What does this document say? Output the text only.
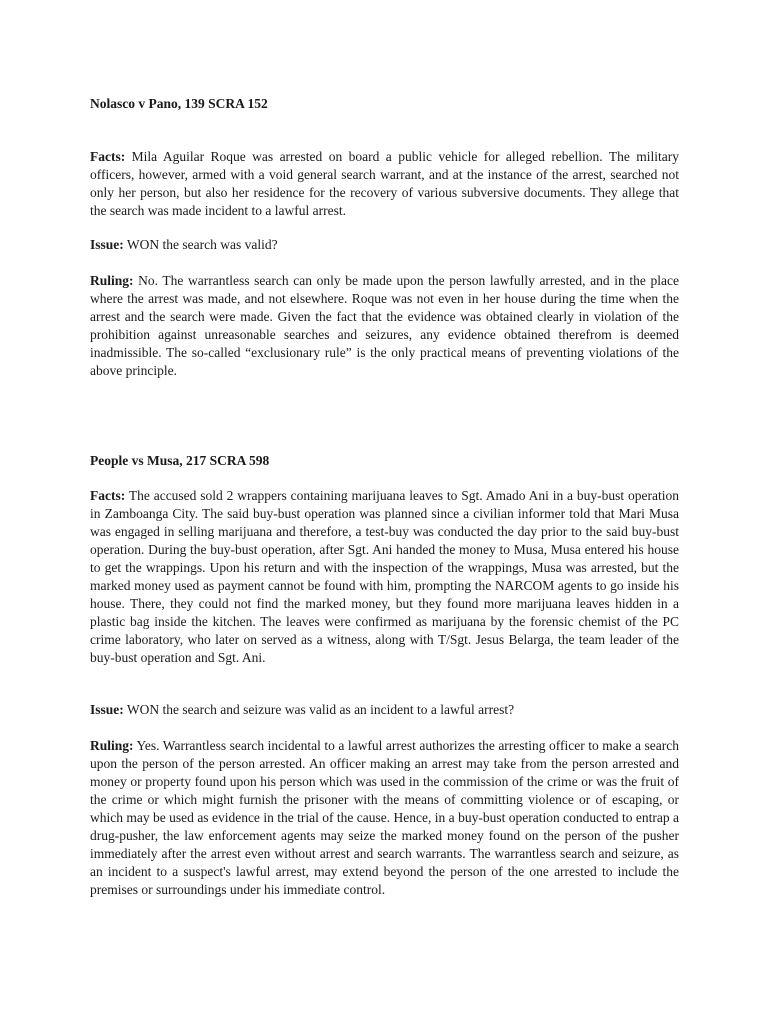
Nolasco v Pano, 139 SCRA 152

Facts: Mila Aguilar Roque was arrested on board a public vehicle for alleged rebellion. The military officers, however, armed with a void general search warrant, and at the instance of the arrest, searched not only her person, but also her residence for the recovery of various subversive documents. They allege that the search was made incident to a lawful arrest.

Issue: WON the search was valid?

Ruling: No. The warrantless search can only be made upon the person lawfully arrested, and in the place where the arrest was made, and not elsewhere. Roque was not even in her house during the time when the arrest and the search were made. Given the fact that the evidence was obtained clearly in violation of the prohibition against unreasonable searches and seizures, any evidence obtained therefrom is deemed inadmissible. The so-called “exclusionary rule” is the only practical means of preventing violations of the above principle.

People vs Musa, 217 SCRA 598

Facts: The accused sold 2 wrappers containing marijuana leaves to Sgt. Amado Ani in a buy-bust operation in Zamboanga City. The said buy-bust operation was planned since a civilian informer told that Mari Musa was engaged in selling marijuana and therefore, a test-buy was conducted the day prior to the said buy-bust operation. During the buy-bust operation, after Sgt. Ani handed the money to Musa, Musa entered his house to get the wrappings. Upon his return and with the inspection of the wrappings, Musa was arrested, but the marked money used as payment cannot be found with him, prompting the NARCOM agents to go inside his house. There, they could not find the marked money, but they found more marijuana leaves hidden in a plastic bag inside the kitchen. The leaves were confirmed as marijuana by the forensic chemist of the PC crime laboratory, who later on served as a witness, along with T/Sgt. Jesus Belarga, the team leader of the buy-bust operation and Sgt. Ani.

Issue: WON the search and seizure was valid as an incident to a lawful arrest?

Ruling: Yes. Warrantless search incidental to a lawful arrest authorizes the arresting officer to make a search upon the person of the person arrested. An officer making an arrest may take from the person arrested and money or property found upon his person which was used in the commission of the crime or was the fruit of the crime or which might furnish the prisoner with the means of committing violence or of escaping, or which may be used as evidence in the trial of the cause. Hence, in a buy-bust operation conducted to entrap a drug-pusher, the law enforcement agents may seize the marked money found on the person of the pusher immediately after the arrest even without arrest and search warrants. The warrantless search and seizure, as an incident to a suspect's lawful arrest, may extend beyond the person of the one arrested to include the premises or surroundings under his immediate control.
